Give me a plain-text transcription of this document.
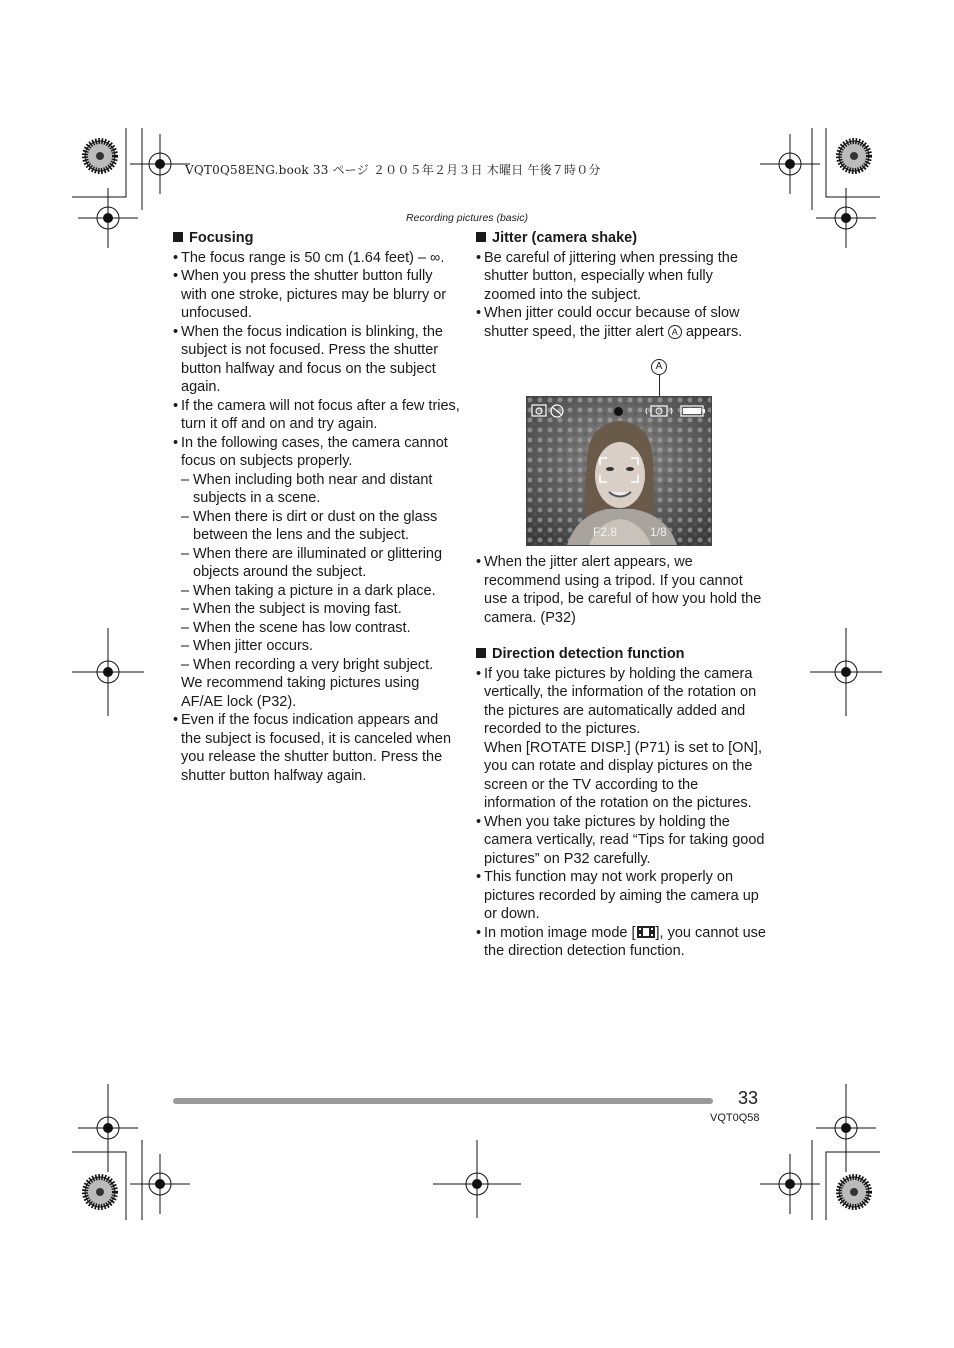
VQT0Q58ENG.book 33 ページ ２００５年２月３日 木曜日 午後７時０分
Recording pictures (basic)
Focusing
• The focus range is 50 cm (1.64 feet) – ∞.
• When you press the shutter button fully with one stroke, pictures may be blurry or unfocused.
• When the focus indication is blinking, the subject is not focused. Press the shutter button halfway and focus on the subject again.
• If the camera will not focus after a few tries, turn it off and on and try again.
• In the following cases, the camera cannot focus on subjects properly.
– When including both near and distant subjects in a scene.
– When there is dirt or dust on the glass between the lens and the subject.
– When there are illuminated or glittering objects around the subject.
– When taking a picture in a dark place.
– When the subject is moving fast.
– When the scene has low contrast.
– When jitter occurs.
– When recording a very bright subject.
We recommend taking pictures using AF/AE lock (P32).
• Even if the focus indication appears and the subject is focused, it is canceled when you release the shutter button. Press the shutter button halfway again.
Jitter (camera shake)
• Be careful of jittering when pressing the shutter button, especially when fully zoomed into the subject.
• When jitter could occur because of slow shutter speed, the jitter alert A appears.
A
F2.8	1/8
• When the jitter alert appears, we recommend using a tripod. If you cannot use a tripod, be careful of how you hold the camera. (P32)
Direction detection function
• If you take pictures by holding the camera vertically, the information of the rotation on the pictures are automatically added and recorded to the pictures.
When [ROTATE DISP.] (P71) is set to [ON], you can rotate and display pictures on the screen or the TV according to the information of the rotation on the pictures.
• When you take pictures by holding the camera vertically, read “Tips for taking good pictures” on P32 carefully.
• This function may not work properly on pictures recorded by aiming the camera up or down.
• In motion image mode [ ], you cannot use the direction detection function.
33
VQT0Q58
